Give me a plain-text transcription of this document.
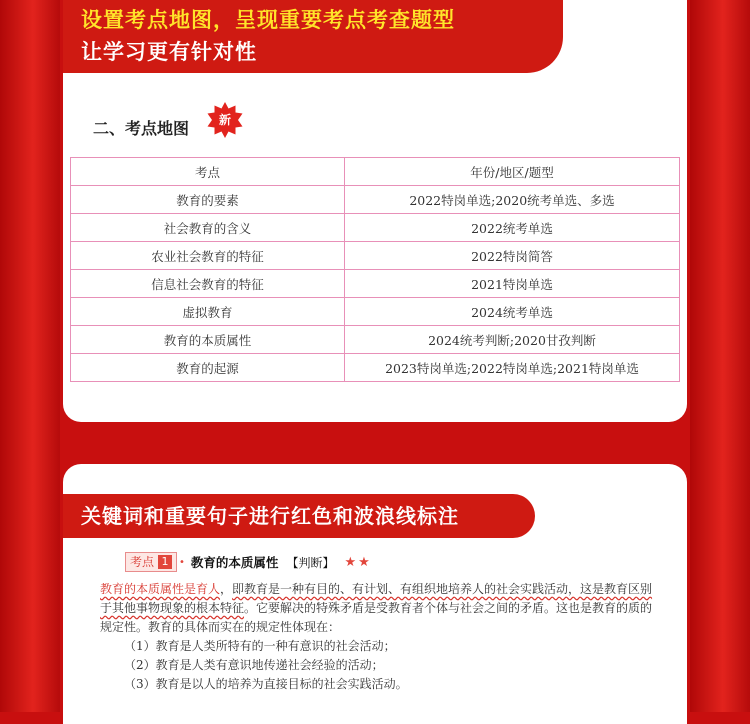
设置考点地图，呈现重要考点考查题型
让学习更有针对性
二、考点地图	新
考点	年份/地区/题型
教育的要素	2022特岗单选;2020统考单选、多选
社会教育的含义	2022统考单选
农业社会教育的特征	2022特岗简答
信息社会教育的特征	2021特岗单选
虚拟教育	2024统考单选
教育的本质属性	2024统考判断;2020甘孜判断
教育的起源	2023特岗单选;2022特岗单选;2021特岗单选
关键词和重要句子进行红色和波浪线标注
考点 1	• 教育的本质属性 【判断】 ★★

教育的本质属性是育人，即教育是一种有目的、有计划、有组织地培养人的社会实践活动，这是教育区别于其他事物现象的根本特征。它要解决的特殊矛盾是受教育者个体与社会之间的矛盾。这也是教育的质的规定性。教育的具体而实在的规定性体现在：

（1）教育是人类所特有的一种有意识的社会活动；

（2）教育是人类有意识地传递社会经验的活动；

（3）教育是以人的培养为直接目标的社会实践活动。
